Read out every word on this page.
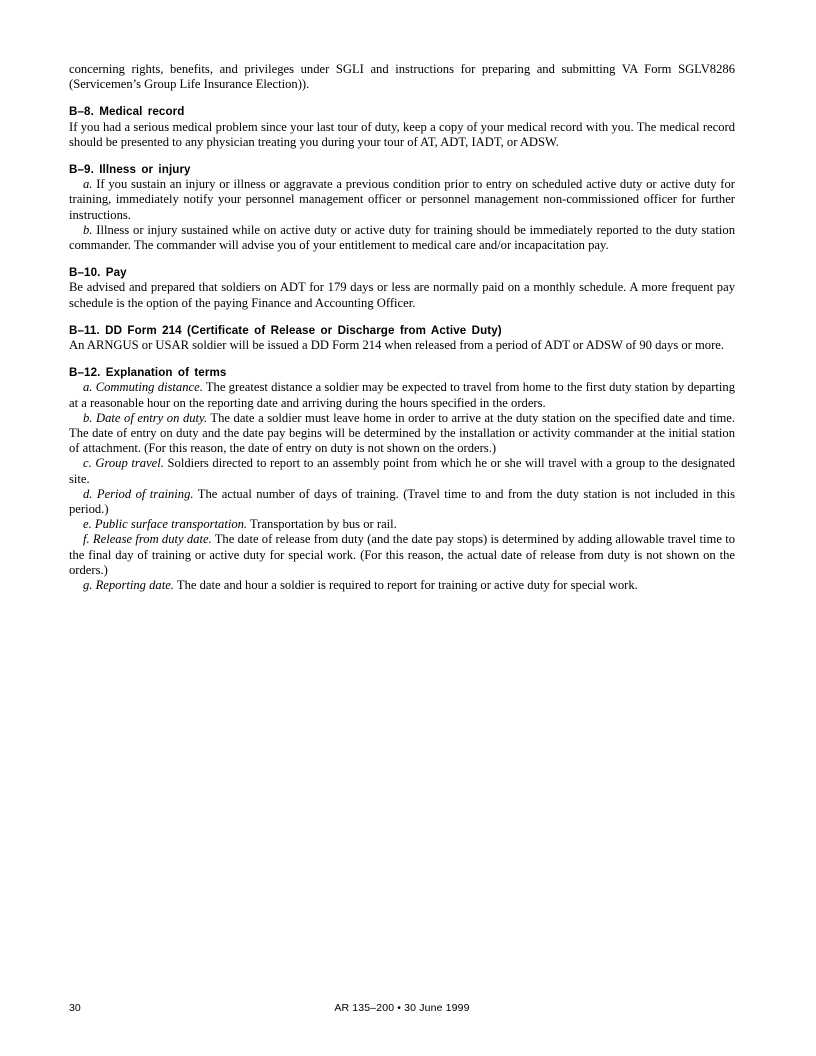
concerning rights, benefits, and privileges under SGLI and instructions for preparing and submitting VA Form SGLV8286 (Servicemen’s Group Life Insurance Election)).

B–8. Medical record

If you had a serious medical problem since your last tour of duty, keep a copy of your medical record with you. The medical record should be presented to any physician treating you during your tour of AT, ADT, IADT, or ADSW.

B–9. Illness or injury

a. If you sustain an injury or illness or aggravate a previous condition prior to entry on scheduled active duty or active duty for training, immediately notify your personnel management officer or personnel management non-commissioned officer for further instructions.

b. Illness or injury sustained while on active duty or active duty for training should be immediately reported to the duty station commander. The commander will advise you of your entitlement to medical care and/or incapacitation pay.

B–10. Pay

Be advised and prepared that soldiers on ADT for 179 days or less are normally paid on a monthly schedule. A more frequent pay schedule is the option of the paying Finance and Accounting Officer.

B–11. DD Form 214 (Certificate of Release or Discharge from Active Duty)

An ARNGUS or USAR soldier will be issued a DD Form 214 when released from a period of ADT or ADSW of 90 days or more.

B–12. Explanation of terms

a. Commuting distance. The greatest distance a soldier may be expected to travel from home to the first duty station by departing at a reasonable hour on the reporting date and arriving during the hours specified in the orders.

b. Date of entry on duty. The date a soldier must leave home in order to arrive at the duty station on the specified date and time. The date of entry on duty and the date pay begins will be determined by the installation or activity commander at the initial station of attachment. (For this reason, the date of entry on duty is not shown on the orders.)

c. Group travel. Soldiers directed to report to an assembly point from which he or she will travel with a group to the designated site.

d. Period of training. The actual number of days of training. (Travel time to and from the duty station is not included in this period.)

e. Public surface transportation. Transportation by bus or rail.

f. Release from duty date. The date of release from duty (and the date pay stops) is determined by adding allowable travel time to the final day of training or active duty for special work. (For this reason, the actual date of release from duty is not shown on the orders.)

g. Reporting date. The date and hour a soldier is required to report for training or active duty for special work.

30	AR 135–200 • 30 June 1999
